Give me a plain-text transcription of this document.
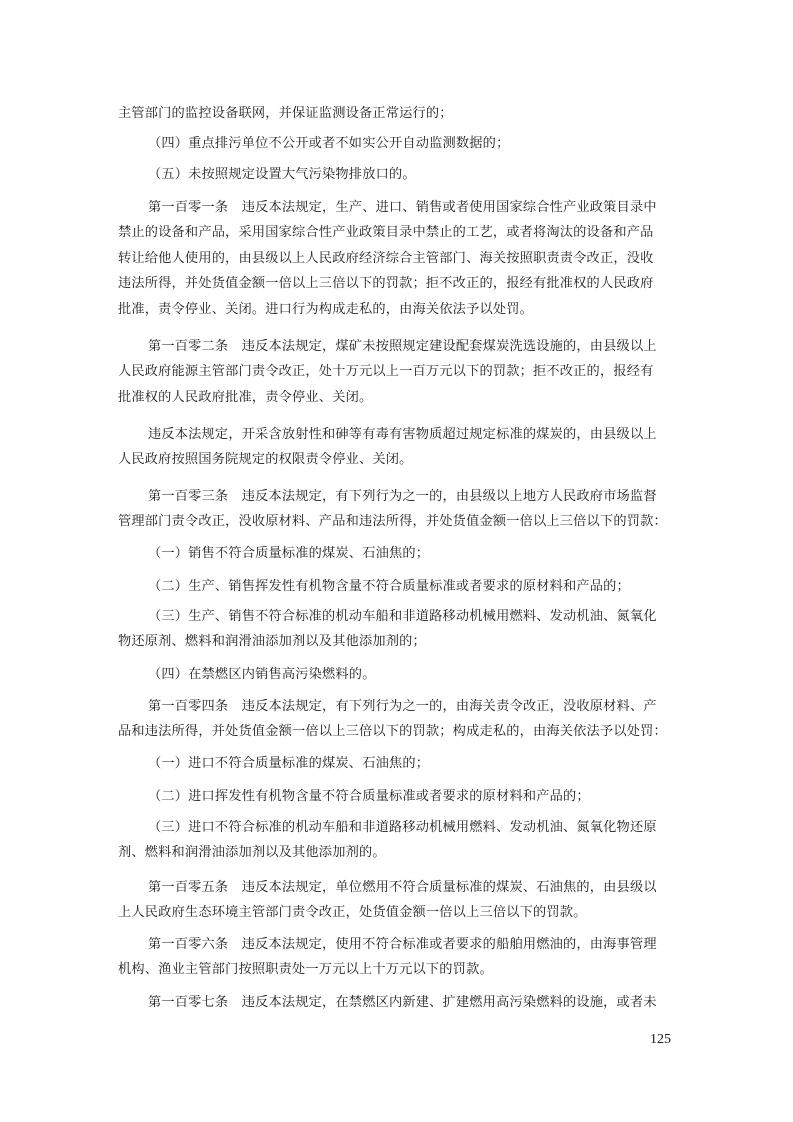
主管部门的监控设备联网，并保证监测设备正常运行的；

（四）重点排污单位不公开或者不如实公开自动监测数据的；

（五）未按照规定设置大气污染物排放口的。

第一百零一条　违反本法规定，生产、进口、销售或者使用国家综合性产业政策目录中
禁止的设备和产品，采用国家综合性产业政策目录中禁止的工艺，或者将淘汰的设备和产品
转让给他人使用的，由县级以上人民政府经济综合主管部门、海关按照职责责令改正，没收
违法所得，并处货值金额一倍以上三倍以下的罚款；拒不改正的，报经有批准权的人民政府
批准，责令停业、关闭。进口行为构成走私的，由海关依法予以处罚。

第一百零二条　违反本法规定，煤矿未按照规定建设配套煤炭洗选设施的，由县级以上
人民政府能源主管部门责令改正，处十万元以上一百万元以下的罚款；拒不改正的，报经有
批准权的人民政府批准，责令停业、关闭。

违反本法规定，开采含放射性和砷等有毒有害物质超过规定标准的煤炭的，由县级以上
人民政府按照国务院规定的权限责令停业、关闭。

第一百零三条　违反本法规定，有下列行为之一的，由县级以上地方人民政府市场监督
管理部门责令改正，没收原材料、产品和违法所得，并处货值金额一倍以上三倍以下的罚款：

（一）销售不符合质量标准的煤炭、石油焦的；

（二）生产、销售挥发性有机物含量不符合质量标准或者要求的原材料和产品的；

（三）生产、销售不符合标准的机动车船和非道路移动机械用燃料、发动机油、氮氧化
物还原剂、燃料和润滑油添加剂以及其他添加剂的；

（四）在禁燃区内销售高污染燃料的。

第一百零四条　违反本法规定，有下列行为之一的，由海关责令改正，没收原材料、产
品和违法所得，并处货值金额一倍以上三倍以下的罚款；构成走私的，由海关依法予以处罚：

（一）进口不符合质量标准的煤炭、石油焦的；

（二）进口挥发性有机物含量不符合质量标准或者要求的原材料和产品的；

（三）进口不符合标准的机动车船和非道路移动机械用燃料、发动机油、氮氧化物还原
剂、燃料和润滑油添加剂以及其他添加剂的。

第一百零五条　违反本法规定，单位燃用不符合质量标准的煤炭、石油焦的，由县级以
上人民政府生态环境主管部门责令改正，处货值金额一倍以上三倍以下的罚款。

第一百零六条　违反本法规定，使用不符合标准或者要求的船舶用燃油的，由海事管理
机构、渔业主管部门按照职责处一万元以上十万元以下的罚款。

第一百零七条　违反本法规定，在禁燃区内新建、扩建燃用高污染燃料的设施，或者未

125
